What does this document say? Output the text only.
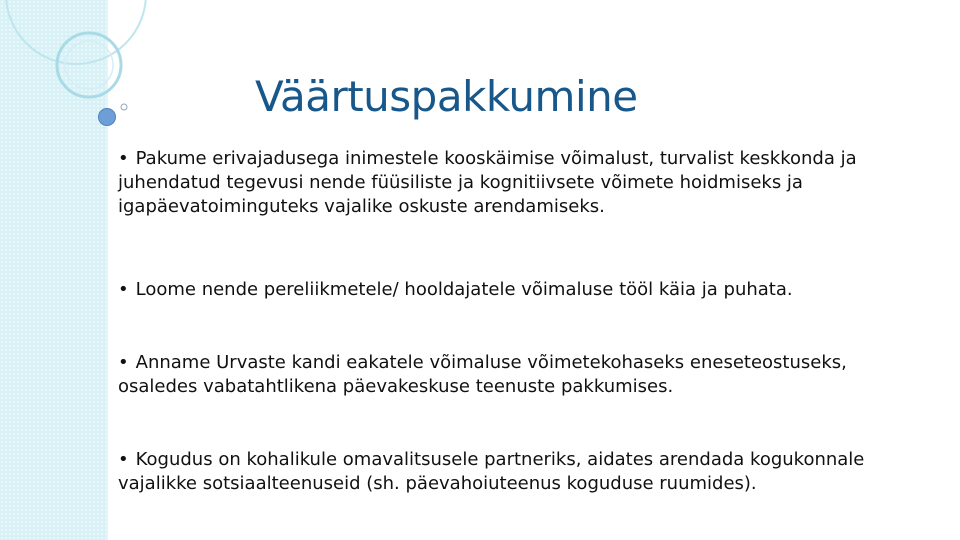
Väärtuspakkumine
• Pakume erivajadusega inimestele kooskäimise võimalust, turvalist keskkonda ja juhendatud tegevusi nende füüsiliste ja kognitiivsete võimete hoidmiseks ja igapäevatoiminguteks vajalike oskuste arendamiseks.
• Loome nende pereliikmetele/ hooldajatele võimaluse tööl käia ja puhata.
• Anname Urvaste kandi eakatele võimaluse võimetekohaseks eneseteostuseks, osaledes vabatahtlikena päevakeskuse teenuste pakkumises.
• Kogudus on kohalikule omavalitsusele partneriks, aidates arendada kogukonnale vajalikke sotsiaalteenuseid (sh. päevahoiuteenus koguduse ruumides).
